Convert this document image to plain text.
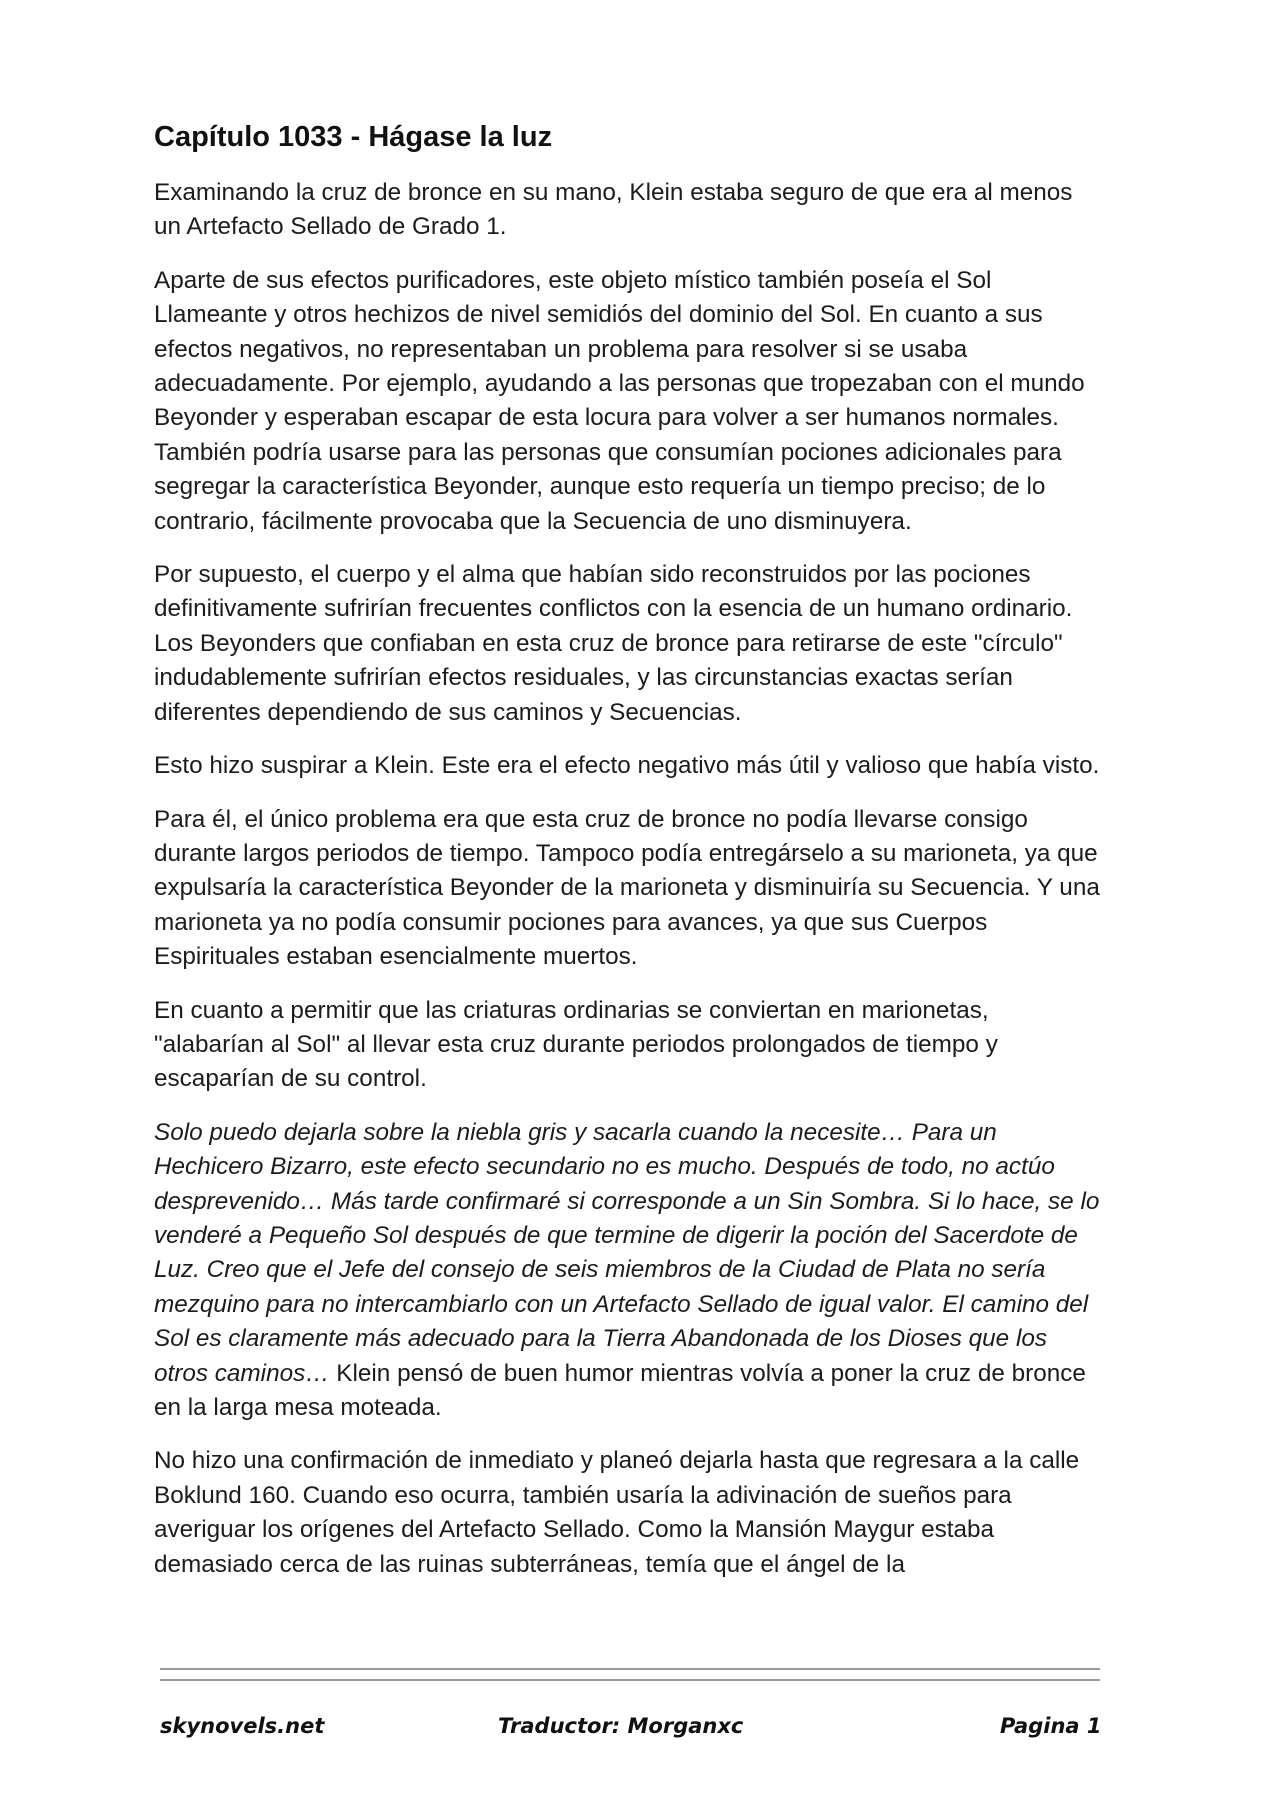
Capítulo 1033 - Hágase la luz

Examinando la cruz de bronce en su mano, Klein estaba seguro de que era al menos un Artefacto Sellado de Grado 1.

Aparte de sus efectos purificadores, este objeto místico también poseía el Sol Llameante y otros hechizos de nivel semidiós del dominio del Sol. En cuanto a sus efectos negativos, no representaban un problema para resolver si se usaba adecuadamente. Por ejemplo, ayudando a las personas que tropezaban con el mundo Beyonder y esperaban escapar de esta locura para volver a ser humanos normales. También podría usarse para las personas que consumían pociones adicionales para segregar la característica Beyonder, aunque esto requería un tiempo preciso; de lo contrario, fácilmente provocaba que la Secuencia de uno disminuyera.

Por supuesto, el cuerpo y el alma que habían sido reconstruidos por las pociones definitivamente sufrirían frecuentes conflictos con la esencia de un humano ordinario. Los Beyonders que confiaban en esta cruz de bronce para retirarse de este "círculo" indudablemente sufrirían efectos residuales, y las circunstancias exactas serían diferentes dependiendo de sus caminos y Secuencias.

Esto hizo suspirar a Klein. Este era el efecto negativo más útil y valioso que había visto.

Para él, el único problema era que esta cruz de bronce no podía llevarse consigo durante largos periodos de tiempo. Tampoco podía entregárselo a su marioneta, ya que expulsaría la característica Beyonder de la marioneta y disminuiría su Secuencia. Y una marioneta ya no podía consumir pociones para avances, ya que sus Cuerpos Espirituales estaban esencialmente muertos.

En cuanto a permitir que las criaturas ordinarias se conviertan en marionetas, "alabarían al Sol" al llevar esta cruz durante periodos prolongados de tiempo y escaparían de su control.

Solo puedo dejarla sobre la niebla gris y sacarla cuando la necesite… Para un Hechicero Bizarro, este efecto secundario no es mucho. Después de todo, no actúo desprevenido… Más tarde confirmaré si corresponde a un Sin Sombra. Si lo hace, se lo venderé a Pequeño Sol después de que termine de digerir la poción del Sacerdote de Luz. Creo que el Jefe del consejo de seis miembros de la Ciudad de Plata no sería mezquino para no intercambiarlo con un Artefacto Sellado de igual valor. El camino del Sol es claramente más adecuado para la Tierra Abandonada de los Dioses que los otros caminos… Klein pensó de buen humor mientras volvía a poner la cruz de bronce en la larga mesa moteada.

No hizo una confirmación de inmediato y planeó dejarla hasta que regresara a la calle Boklund 160. Cuando eso ocurra, también usaría la adivinación de sueños para averiguar los orígenes del Artefacto Sellado. Como la Mansión Maygur estaba demasiado cerca de las ruinas subterráneas, temía que el ángel de la

skynovels.net	Traductor: Morganxc	Pagina 1
